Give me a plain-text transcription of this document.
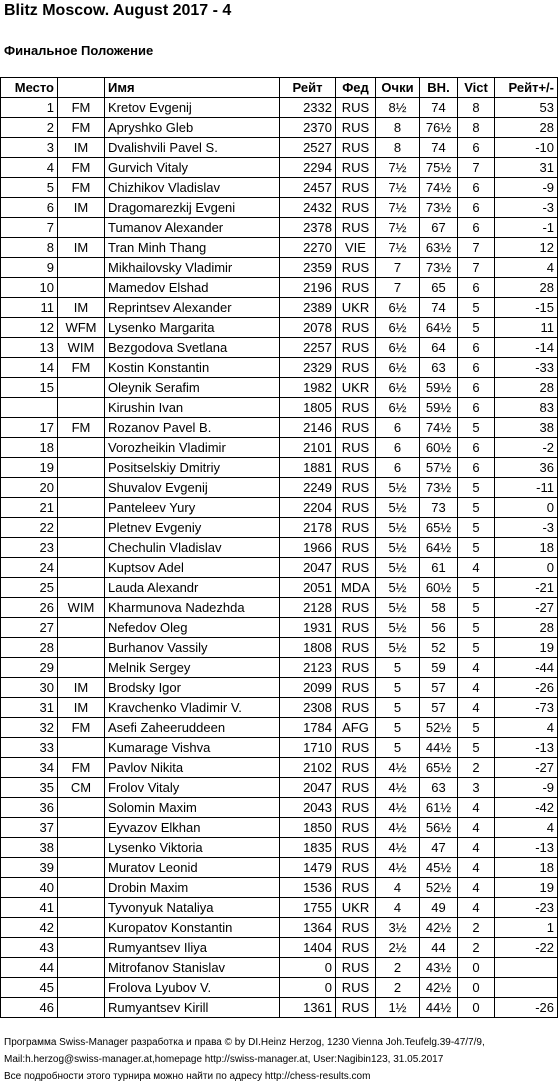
Blitz Moscow. August 2017 - 4
Финальное Положение
Место		Имя	Рейт	Фед	Очки	ВН.	Vict	Рейт+/-
1	FM	Kretov Evgenij	2332	RUS	8½	74	8	53
2	FM	Apryshko Gleb	2370	RUS	8	76½	8	28
3	IM	Dvalishvili Pavel S.	2527	RUS	8	74	6	-10
4	FM	Gurvich Vitaly	2294	RUS	7½	75½	7	31
5	FM	Chizhikov Vladislav	2457	RUS	7½	74½	6	-9
6	IM	Dragomarezkij Evgeni	2432	RUS	7½	73½	6	-3
7		Tumanov Alexander	2378	RUS	7½	67	6	-1
8	IM	Tran Minh Thang	2270	VIE	7½	63½	7	12
9		Mikhailovsky Vladimir	2359	RUS	7	73½	7	4
10		Mamedov Elshad	2196	RUS	7	65	6	28
11	IM	Reprintsev Alexander	2389	UKR	6½	74	5	-15
12	WFM	Lysenko Margarita	2078	RUS	6½	64½	5	11
13	WIM	Bezgodova Svetlana	2257	RUS	6½	64	6	-14
14	FM	Kostin Konstantin	2329	RUS	6½	63	6	-33
15		Oleynik Serafim	1982	UKR	6½	59½	6	28
		Kirushin Ivan	1805	RUS	6½	59½	6	83
17	FM	Rozanov Pavel B.	2146	RUS	6	74½	5	38
18		Vorozheikin Vladimir	2101	RUS	6	60½	6	-2
19		Positselskiy Dmitriy	1881	RUS	6	57½	6	36
20		Shuvalov Evgenij	2249	RUS	5½	73½	5	-11
21		Panteleev Yury	2204	RUS	5½	73	5	0
22		Pletnev Evgeniy	2178	RUS	5½	65½	5	-3
23		Chechulin Vladislav	1966	RUS	5½	64½	5	18
24		Kuptsov Adel	2047	RUS	5½	61	4	0
25		Lauda Alexandr	2051	MDA	5½	60½	5	-21
26	WIM	Kharmunova Nadezhda	2128	RUS	5½	58	5	-27
27		Nefedov Oleg	1931	RUS	5½	56	5	28
28		Burhanov Vassily	1808	RUS	5½	52	5	19
29		Melnik Sergey	2123	RUS	5	59	4	-44
30	IM	Brodsky Igor	2099	RUS	5	57	4	-26
31	IM	Kravchenko Vladimir V.	2308	RUS	5	57	4	-73
32	FM	Asefi Zaheeruddeen	1784	AFG	5	52½	5	4
33		Kumarage Vishva	1710	RUS	5	44½	5	-13
34	FM	Pavlov Nikita	2102	RUS	4½	65½	2	-27
35	CM	Frolov Vitaly	2047	RUS	4½	63	3	-9
36		Solomin Maxim	2043	RUS	4½	61½	4	-42
37		Eyvazov Elkhan	1850	RUS	4½	56½	4	4
38		Lysenko Viktoria	1835	RUS	4½	47	4	-13
39		Muratov Leonid	1479	RUS	4½	45½	4	18
40		Drobin Maxim	1536	RUS	4	52½	4	19
41		Tyvonyuk Nataliya	1755	UKR	4	49	4	-23
42		Kuropatov Konstantin	1364	RUS	3½	42½	2	1
43		Rumyantsev Iliya	1404	RUS	2½	44	2	-22
44		Mitrofanov Stanislav	0	RUS	2	43½	0	
45		Frolova Lyubov V.	0	RUS	2	42½	0	
46		Rumyantsev Kirill	1361	RUS	1½	44½	0	-26
Программа Swiss-Manager разработка и права © by DI.Heinz Herzog, 1230 Vienna Joh.Teufelg.39-47/7/9,
Mail:h.herzog@swiss-manager.at,homepage http://swiss-manager.at, User:Nagibin123, 31.05.2017
Все подробности этого турнира можно найти по адресу http://chess-results.com
